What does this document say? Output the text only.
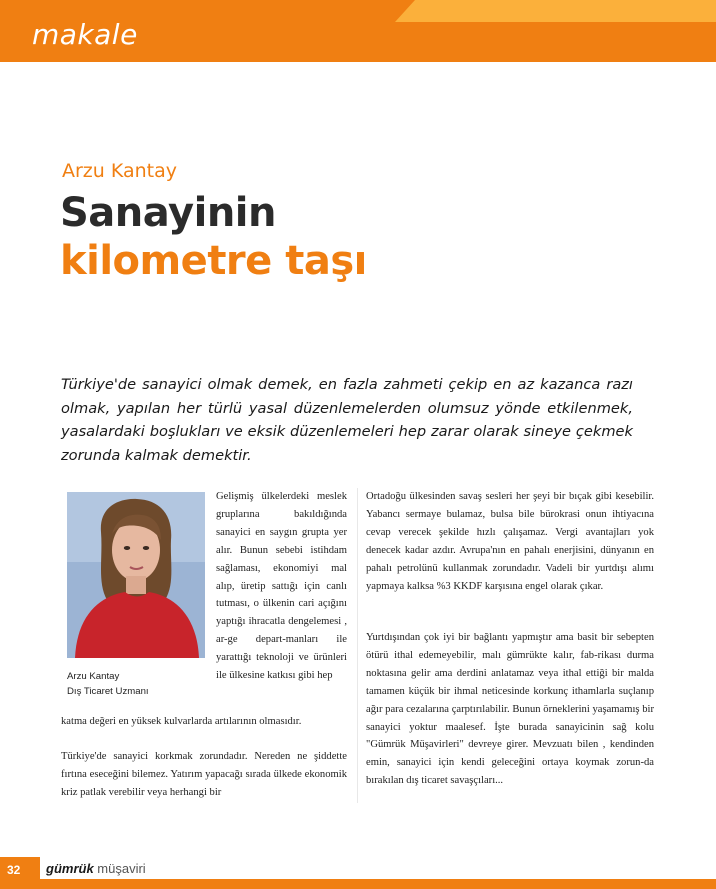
makale
Arzu Kantay
Sanayinin
kilometre taşı
Türkiye'de sanayici olmak demek, en fazla zahmeti çekip en az kazanca razı olmak, yapılan her türlü yasal düzenlemelerden olumsuz yönde etkilenmek, yasalardaki boşlukları ve eksik düzenlemeleri hep zarar olarak sineye çekmek zorunda kalmak demektir.
Arzu Kantay
Dış Ticaret Uzmanı
Gelişmiş ülkelerdeki meslek gruplarına bakıldığında sanayici en saygın grupta yer alır. Bunun sebebi istihdam sağlaması, ekonomiyi mal alıp, üretip sattığı için canlı tutması, o ülkenin cari açığını yaptığı ihracatla dengelemesi , ar-ge depart-manları ile yarattığı teknoloji ve ürünleri ile ülkesine katkısı gibi hep
katma değeri en yüksek kulvarlarda artılarının olmasıdır.
Türkiye'de sanayici korkmak zorundadır. Nereden ne şiddette fırtına eseceğini bilemez. Yatırım yapacağı sırada ülkede ekonomik kriz patlak verebilir veya herhangi bir
Ortadoğu ülkesinden savaş sesleri her şeyi bir bıçak gibi kesebilir. Yabancı sermaye bulamaz, bulsa bile bürokrasi onun ihtiyacına cevap verecek şekilde hızlı çalışamaz. Vergi avantajları yok denecek kadar azdır. Avrupa'nın en pahalı enerjisini, dünyanın en pahalı petrolünü kullanmak zorundadır. Vadeli bir yurtdışı alımı yapmaya kalksa %3 KKDF karşısına engel olarak çıkar.
Yurtdışından çok iyi bir bağlantı yapmıştır ama basit bir sebepten ötürü ithal edemeyebilir, malı gümrükte kalır, fab-rikası durma noktasına gelir ama derdini anlatamaz veya ithal ettiği bir malda tamamen küçük bir ihmal neticesinde korkunç ithamlarla suçlanıp ağır para cezalarına çarptırılabilir. Bunun örneklerini yaşamamış bir sanayici yoktur maalesef. İşte burada sanayicinin sağ kolu "Gümrük Müşavirleri" devreye girer. Mevzuatı bilen , kendinden emin, sanayici için kendi geleceğini ortaya koymak zorun-da bırakılan dış ticaret savaşçıları...
32 gümrük müşaviri
